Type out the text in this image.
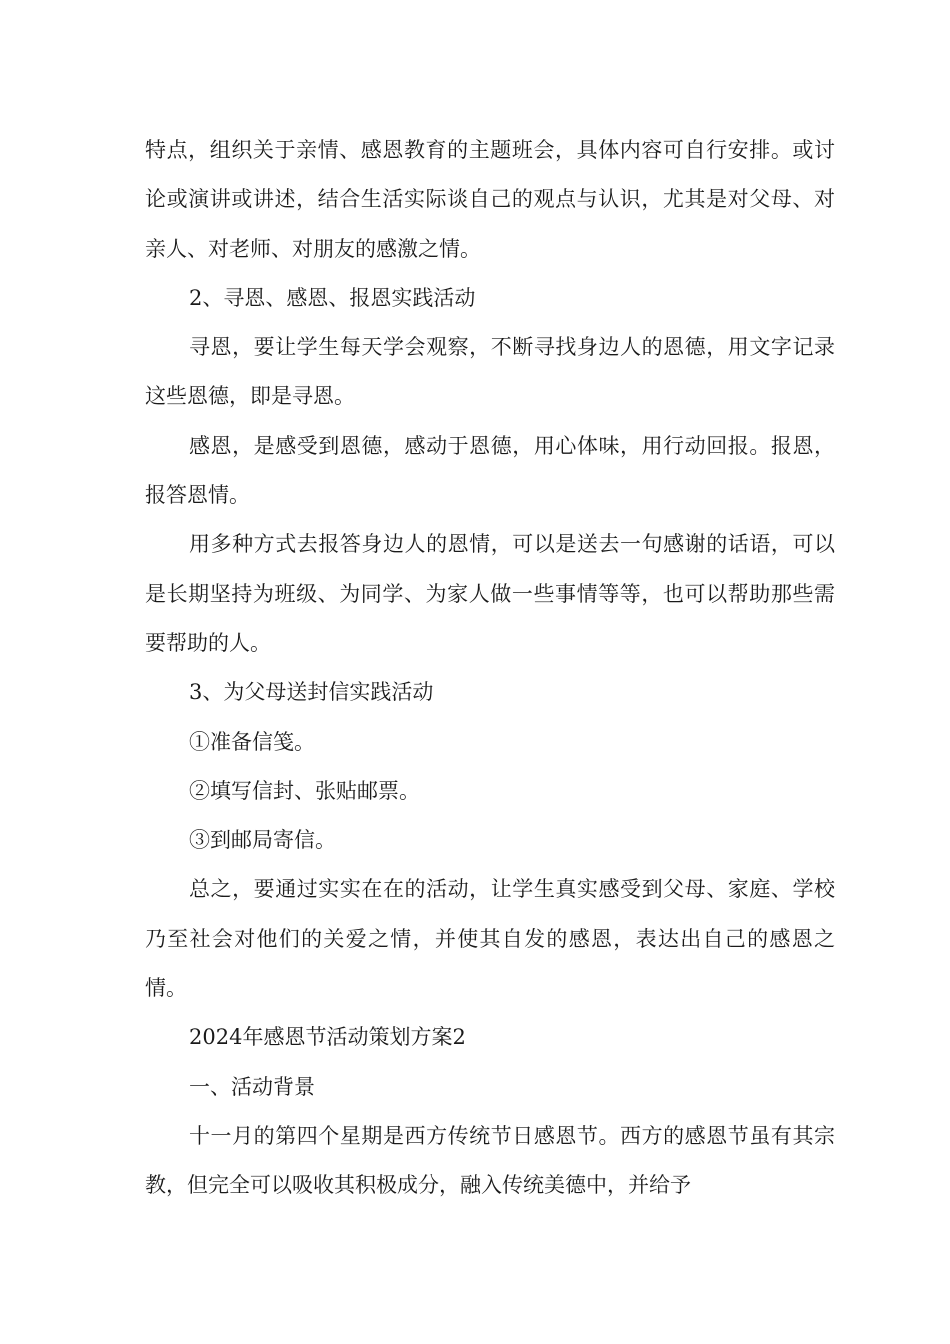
特点，组织关于亲情、感恩教育的主题班会，具体内容可自行安排。或讨论或演讲或讲述，结合生活实际谈自己的观点与认识，尤其是对父母、对亲人、对老师、对朋友的感激之情。

2、寻恩、感恩、报恩实践活动

寻恩，要让学生每天学会观察，不断寻找身边人的恩德，用文字记录这些恩德，即是寻恩。

感恩，是感受到恩德，感动于恩德，用心体味，用行动回报。报恩，报答恩情。

用多种方式去报答身边人的恩情，可以是送去一句感谢的话语，可以是长期坚持为班级、为同学、为家人做一些事情等等，也可以帮助那些需要帮助的人。

3、为父母送封信实践活动

①准备信笺。

②填写信封、张贴邮票。

③到邮局寄信。

总之，要通过实实在在的活动，让学生真实感受到父母、家庭、学校乃至社会对他们的关爱之情，并使其自发的感恩，表达出自己的感恩之情。

2024年感恩节活动策划方案2

一、活动背景

十一月的第四个星期是西方传统节日感恩节。西方的感恩节虽有其宗教，但完全可以吸收其积极成分，融入传统美德中，并给予
